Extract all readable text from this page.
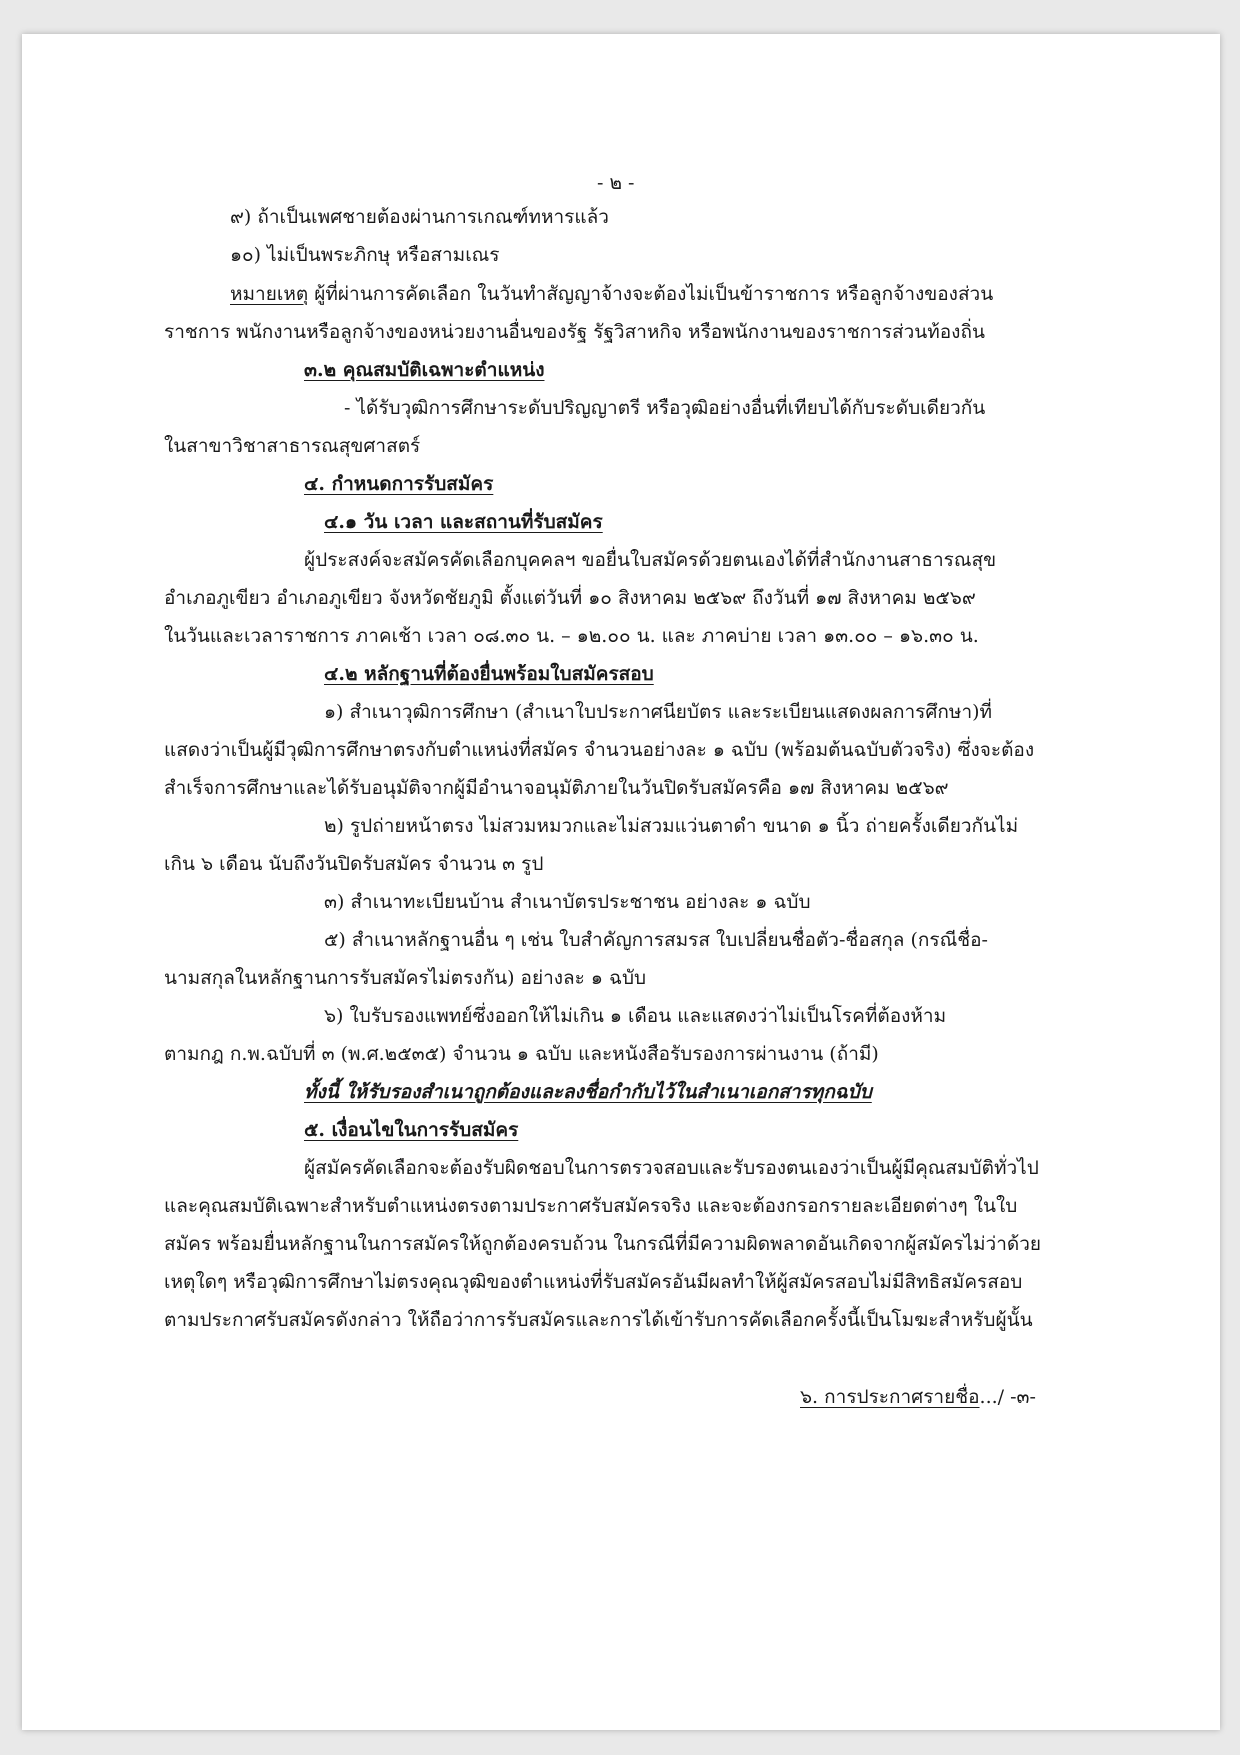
- ๒ -
๙) ถ้าเป็นเพศชายต้องผ่านการเกณฑ์ทหารแล้ว
๑๐) ไม่เป็นพระภิกษุ หรือสามเณร
หมายเหตุ ผู้ที่ผ่านการคัดเลือก ในวันทำสัญญาจ้างจะต้องไม่เป็นข้าราชการ หรือลูกจ้างของส่วน
ราชการ พนักงานหรือลูกจ้างของหน่วยงานอื่นของรัฐ รัฐวิสาหกิจ หรือพนักงานของราชการส่วนท้องถิ่น
๓.๒ คุณสมบัติเฉพาะตำแหน่ง
- ได้รับวุฒิการศึกษาระดับปริญญาตรี หรือวุฒิอย่างอื่นที่เทียบได้กับระดับเดียวกัน
ในสาขาวิชาสาธารณสุขศาสตร์
๔. กำหนดการรับสมัคร
๔.๑ วัน เวลา และสถานที่รับสมัคร
ผู้ประสงค์จะสมัครคัดเลือกบุคคลฯ ขอยื่นใบสมัครด้วยตนเองได้ที่สำนักงานสาธารณสุข
อำเภอภูเขียว อำเภอภูเขียว จังหวัดชัยภูมิ ตั้งแต่วันที่ ๑๐ สิงหาคม ๒๕๖๙ ถึงวันที่ ๑๗ สิงหาคม ๒๕๖๙
ในวันและเวลาราชการ ภาคเช้า เวลา ๐๘.๓๐ น. – ๑๒.๐๐ น. และ ภาคบ่าย เวลา ๑๓.๐๐ – ๑๖.๓๐ น.
๔.๒ หลักฐานที่ต้องยื่นพร้อมใบสมัครสอบ
๑) สำเนาวุฒิการศึกษา (สำเนาใบประกาศนียบัตร และระเบียนแสดงผลการศึกษา)ที่
แสดงว่าเป็นผู้มีวุฒิการศึกษาตรงกับตำแหน่งที่สมัคร จำนวนอย่างละ ๑ ฉบับ (พร้อมต้นฉบับตัวจริง) ซึ่งจะต้อง
สำเร็จการศึกษาและได้รับอนุมัติจากผู้มีอำนาจอนุมัติภายในวันปิดรับสมัครคือ ๑๗ สิงหาคม ๒๕๖๙
๒) รูปถ่ายหน้าตรง ไม่สวมหมวกและไม่สวมแว่นตาดำ ขนาด ๑ นิ้ว ถ่ายครั้งเดียวกันไม่
เกิน ๖ เดือน นับถึงวันปิดรับสมัคร จำนวน ๓ รูป
๓) สำเนาทะเบียนบ้าน สำเนาบัตรประชาชน อย่างละ ๑ ฉบับ
๕) สำเนาหลักฐานอื่น ๆ เช่น ใบสำคัญการสมรส ใบเปลี่ยนชื่อตัว-ชื่อสกุล (กรณีชื่อ-
นามสกุลในหลักฐานการรับสมัครไม่ตรงกัน) อย่างละ ๑ ฉบับ
๖) ใบรับรองแพทย์ซึ่งออกให้ไม่เกิน ๑ เดือน และแสดงว่าไม่เป็นโรคที่ต้องห้าม
ตามกฎ ก.พ.ฉบับที่ ๓ (พ.ศ.๒๕๓๕) จำนวน ๑ ฉบับ และหนังสือรับรองการผ่านงาน (ถ้ามี)
ทั้งนี้ ให้รับรองสำเนาถูกต้องและลงชื่อกำกับไว้ในสำเนาเอกสารทุกฉบับ
๕. เงื่อนไขในการรับสมัคร
ผู้สมัครคัดเลือกจะต้องรับผิดชอบในการตรวจสอบและรับรองตนเองว่าเป็นผู้มีคุณสมบัติทั่วไป
และคุณสมบัติเฉพาะสำหรับตำแหน่งตรงตามประกาศรับสมัครจริง และจะต้องกรอกรายละเอียดต่างๆ ในใบ
สมัคร พร้อมยื่นหลักฐานในการสมัครให้ถูกต้องครบถ้วน ในกรณีที่มีความผิดพลาดอันเกิดจากผู้สมัครไม่ว่าด้วย
เหตุใดๆ หรือวุฒิการศึกษาไม่ตรงคุณวุฒิของตำแหน่งที่รับสมัครอันมีผลทำให้ผู้สมัครสอบไม่มีสิทธิสมัครสอบ
ตามประกาศรับสมัครดังกล่าว ให้ถือว่าการรับสมัครและการได้เข้ารับการคัดเลือกครั้งนี้เป็นโมฆะสำหรับผู้นั้น
๖. การประกาศรายชื่อ.../ -๓-
